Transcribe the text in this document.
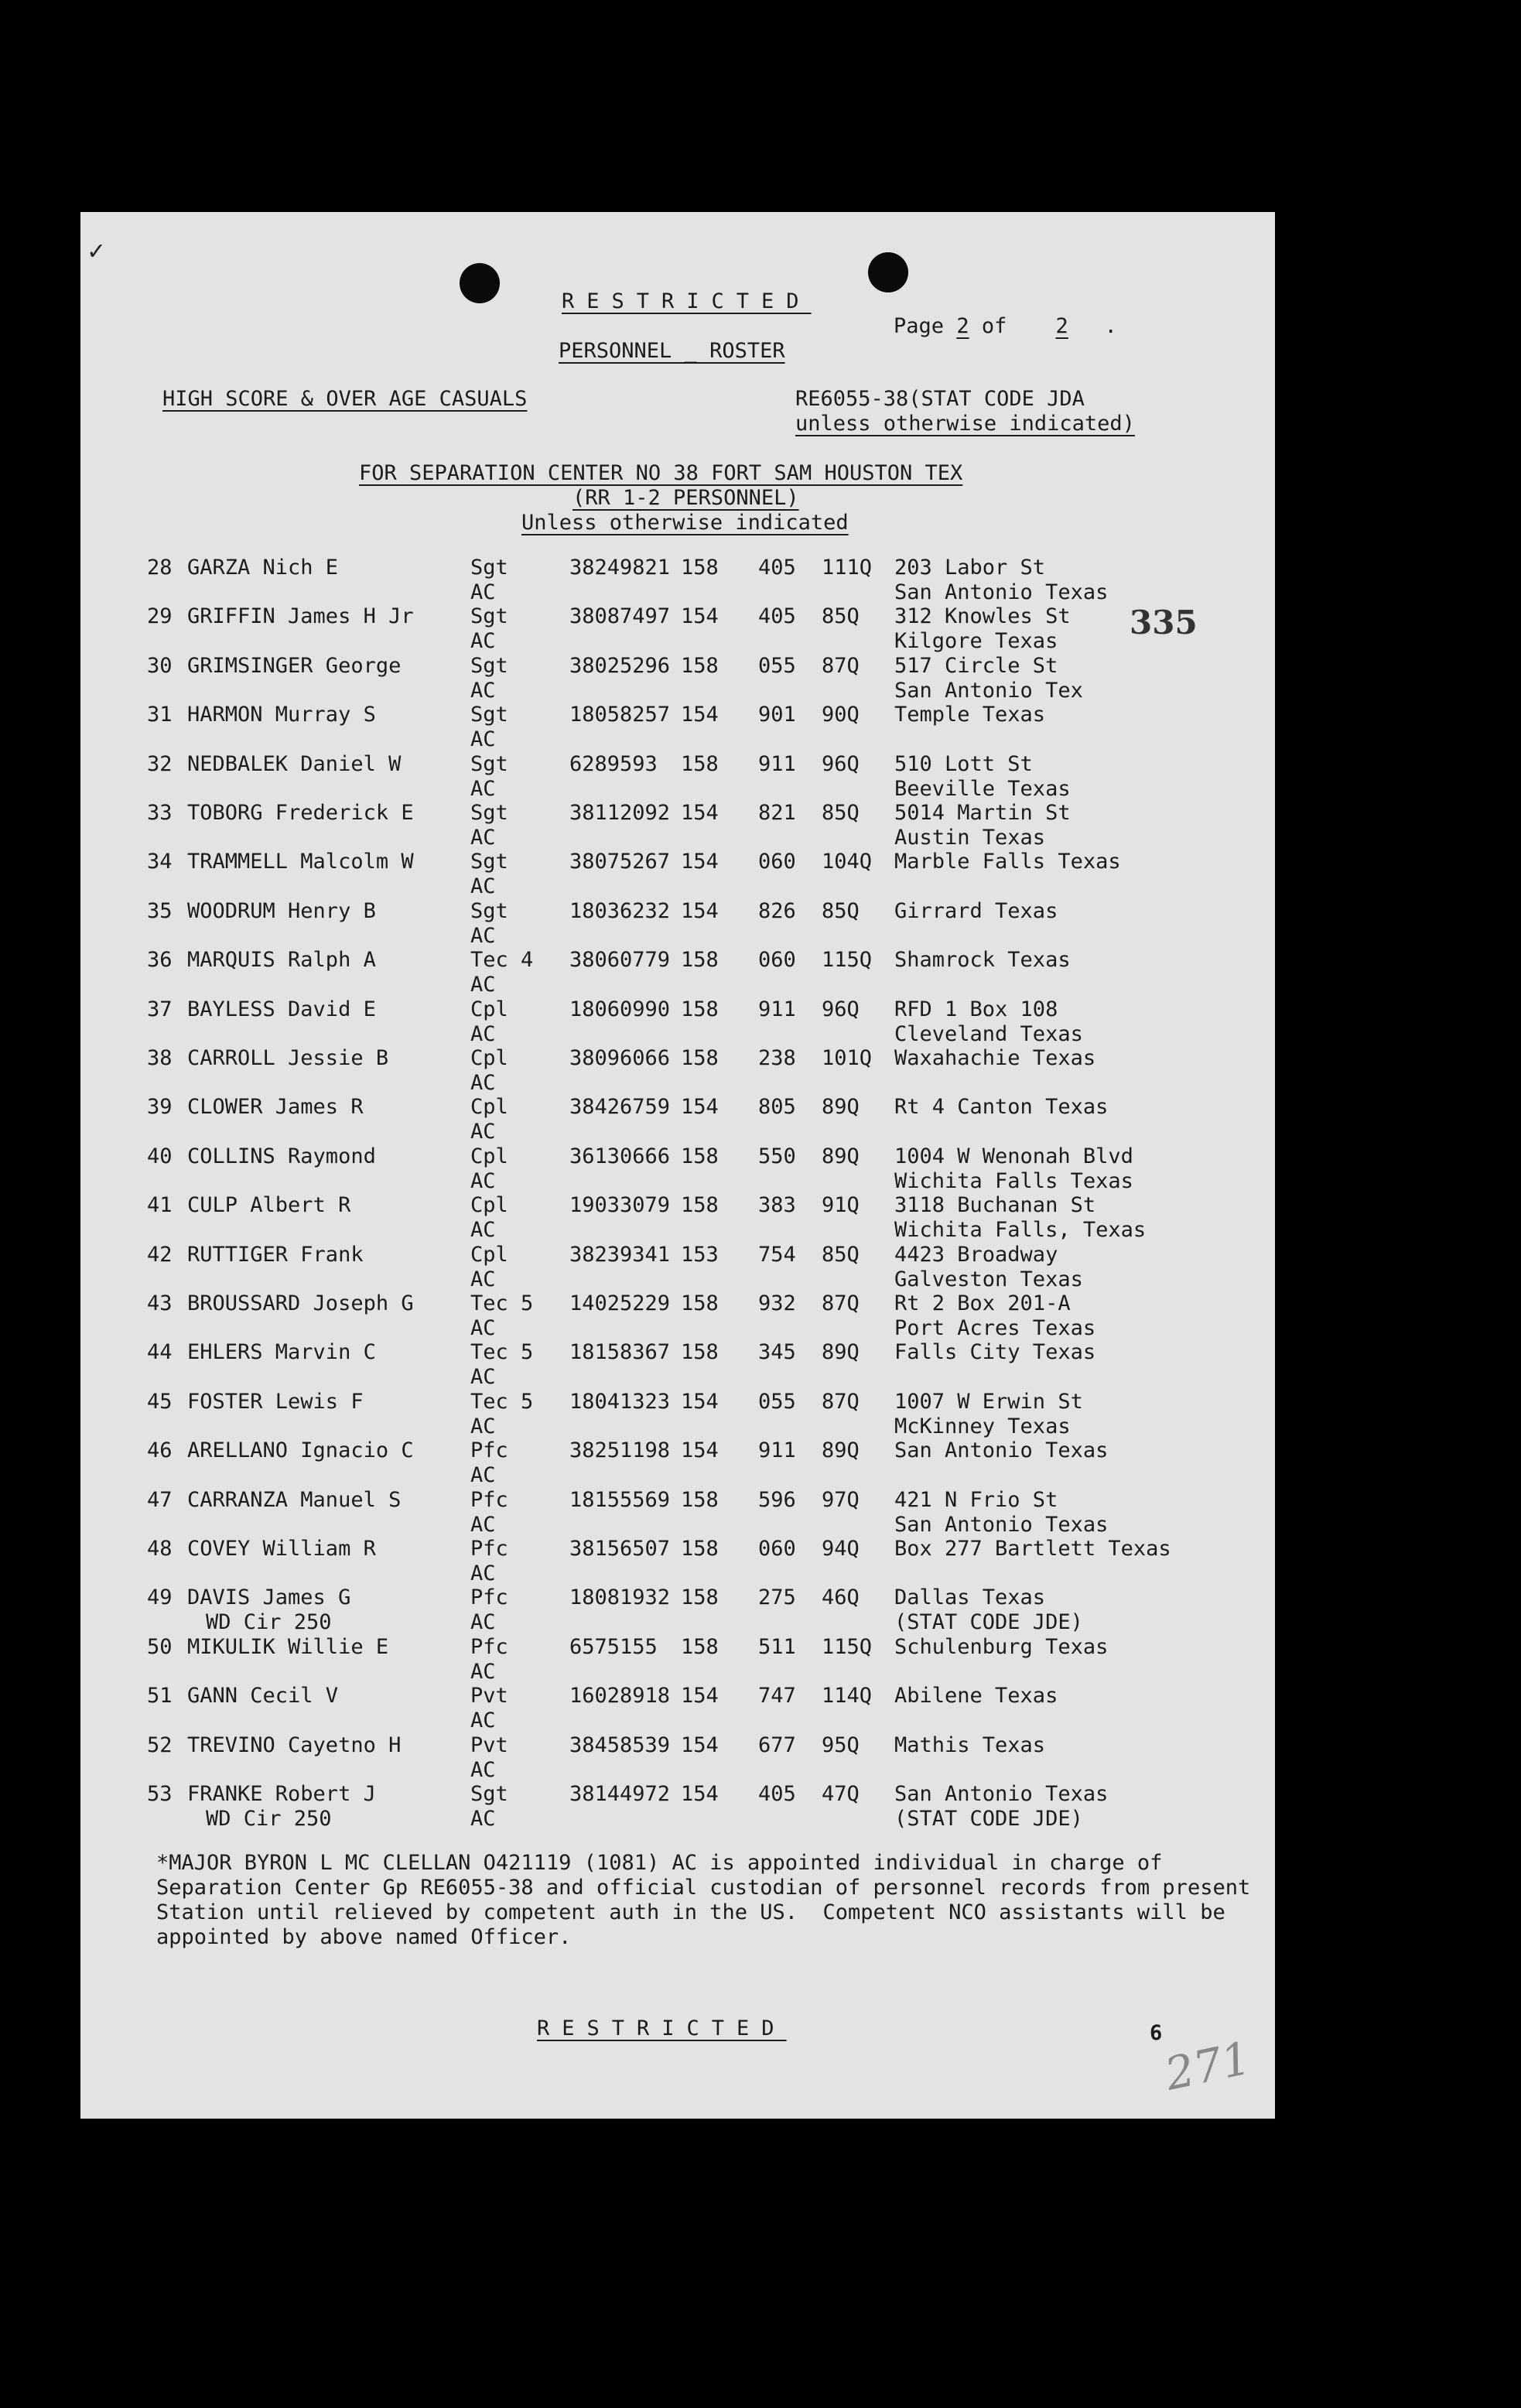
✓
RESTRICTED

Page 2 of 2 .

PERSONNEL _ ROSTER
HIGH SCORE & OVER AGE CASUALS	RE6055-38(STAT CODE JDA
unless otherwise indicated)
FOR SEPARATION CENTER NO 38 FORT SAM HOUSTON TEX
(RR 1-2 PERSONNEL)
Unless otherwise indicated
335
28 GARZA Nich E	Sgt	38249821 158 405 111Q 203 Labor St
AC	San Antonio Texas
29 GRIFFIN James H Jr	Sgt	38087497 154 405 85Q 312 Knowles St
AC	Kilgore Texas
30 GRIMSINGER George	Sgt	38025296 158 055 87Q 517 Circle St
AC	San Antonio Tex
31 HARMON Murray S	Sgt	18058257 154 901 90Q Temple Texas
AC
32 NEDBALEK Daniel W	Sgt	6289593 158 911 96Q 510 Lott St
AC	Beeville Texas
33 TOBORG Frederick E	Sgt	38112092 154 821 85Q 5014 Martin St
AC	Austin Texas
34 TRAMMELL Malcolm W	Sgt	38075267 154 060 104Q Marble Falls Texas
AC
35 WOODRUM Henry B	Sgt	18036232 154 826 85Q Girrard Texas
AC
36 MARQUIS Ralph A	Tec 4 38060779 158 060 115Q Shamrock Texas
AC
37 BAYLESS David E	Cpl	18060990 158 911 96Q RFD 1 Box 108
AC	Cleveland Texas
38 CARROLL Jessie B	Cpl	38096066 158 238 101Q Waxahachie Texas
AC
39 CLOWER James R	Cpl	38426759 154 805 89Q Rt 4 Canton Texas
AC
40 COLLINS Raymond	Cpl	36130666 158 550 89Q 1004 W Wenonah Blvd
AC	Wichita Falls Texas
41 CULP Albert R	Cpl	19033079 158 383 91Q 3118 Buchanan St
AC	Wichita Falls, Texas
42 RUTTIGER Frank	Cpl	38239341 153 754 85Q 4423 Broadway
AC	Galveston Texas
43 BROUSSARD Joseph G	Tec 5 14025229 158 932 87Q Rt 2 Box 201-A
AC	Port Acres Texas
44 EHLERS Marvin C	Tec 5 18158367 158 345 89Q Falls City Texas
AC
45 FOSTER Lewis F	Tec 5 18041323 154 055 87Q 1007 W Erwin St
AC	McKinney Texas
46 ARELLANO Ignacio C	Pfc	38251198 154 911 89Q San Antonio Texas
AC
47 CARRANZA Manuel S	Pfc	18155569 158 596 97Q 421 N Frio St
AC	San Antonio Texas
48 COVEY William R	Pfc	38156507 158 060 94Q Box 277 Bartlett Texas
AC
49 DAVIS James G	Pfc	18081932 158 275 46Q Dallas Texas
WD Cir 250	AC	(STAT CODE JDE)
50 MIKULIK Willie E	Pfc	6575155 158 511 115Q Schulenburg Texas
AC
51 GANN Cecil V	Pvt	16028918 154 747 114Q Abilene Texas
AC
52 TREVINO Cayetno H	Pvt	38458539 154 677 95Q Mathis Texas
AC
53 FRANKE Robert J	Sgt	38144972 154 405 47Q San Antonio Texas
WD Cir 250	AC	(STAT CODE JDE)
*MAJOR BYRON L MC CLELLAN O421119 (1081) AC is appointed individual in charge of Separation Center Gp RE6055-38 and official custodian of personnel records from present Station until relieved by competent auth in the US.  Competent NCO assistants will be appointed by above named Officer.
RESTRICTED	6
271
